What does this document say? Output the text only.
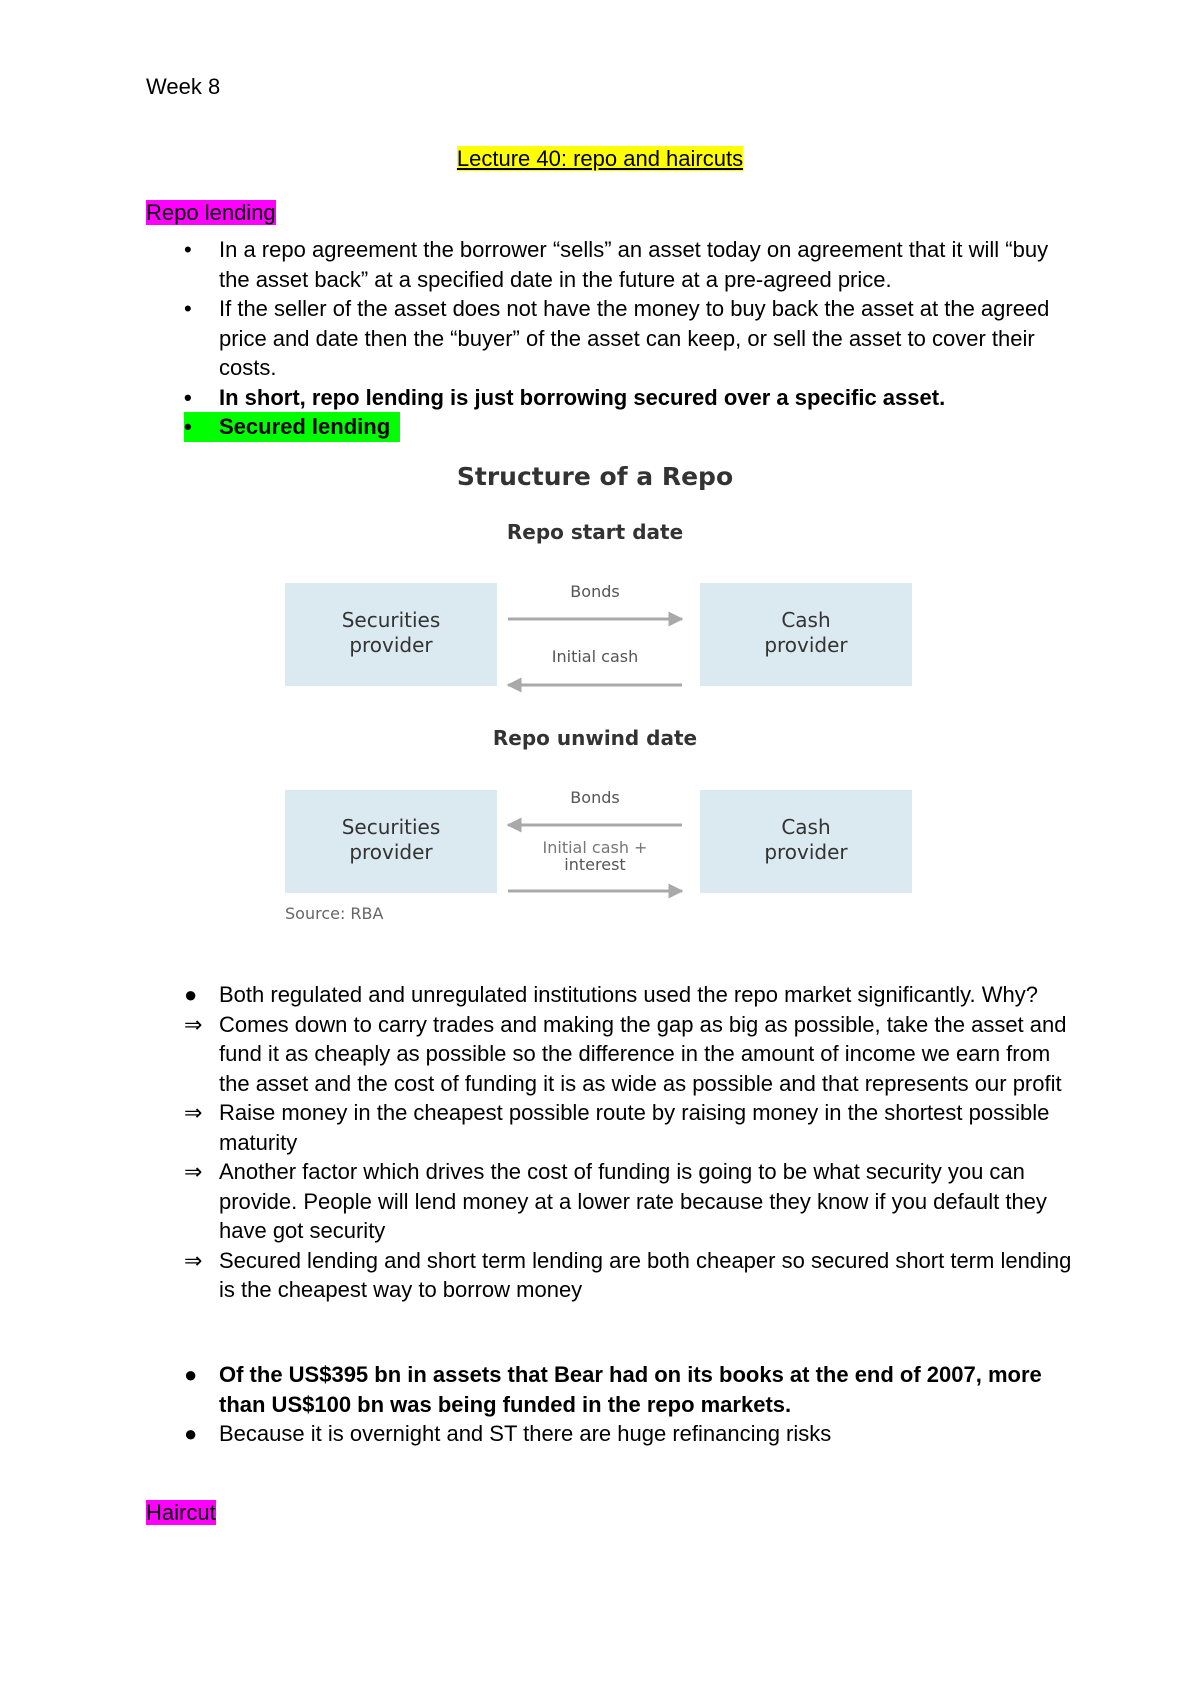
Week 8
Lecture 40: repo and haircuts
Repo lending
•	In a repo agreement the borrower “sells” an asset today on agreement that it will “buy the asset back” at a specified date in the future at a pre-agreed price.
•	If the seller of the asset does not have the money to buy back the asset at the agreed price and date then the “buyer” of the asset can keep, or sell the asset to cover their costs.
•	In short, repo lending is just borrowing secured over a specific asset.
•	Secured lending
Structure of a Repo
Repo start date
Securities
provider
Cash
provider
Bonds
Initial cash
Repo unwind date
Securities
provider
Cash
provider
Bonds
Initial cash +
interest
Source: RBA
● Both regulated and unregulated institutions used the repo market significantly. Why?
⇒ Comes down to carry trades and making the gap as big as possible, take the asset and fund it as cheaply as possible so the difference in the amount of income we earn from the asset and the cost of funding it is as wide as possible and that represents our profit
⇒ Raise money in the cheapest possible route by raising money in the shortest possible maturity
⇒ Another factor which drives the cost of funding is going to be what security you can provide. People will lend money at a lower rate because they know if you default they have got security
⇒ Secured lending and short term lending are both cheaper so secured short term lending is the cheapest way to borrow money
● Of the US$395 bn in assets that Bear had on its books at the end of 2007, more than US$100 bn was being funded in the repo markets.
● Because it is overnight and ST there are huge refinancing risks
Haircut
